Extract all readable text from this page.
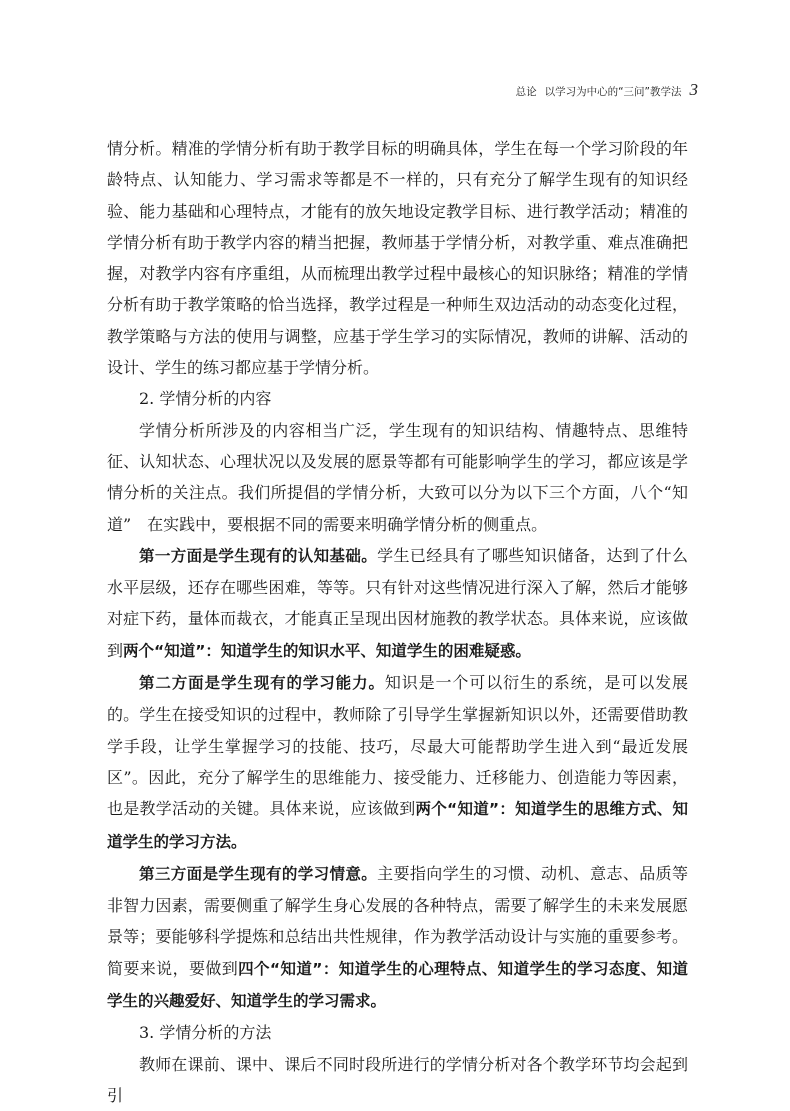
总论 以学习为中心的“三问”教学法 3

情分析。精准的学情分析有助于教学目标的明确具体，学生在每一个学习阶段的年龄特点、认知能力、学习需求等都是不一样的，只有充分了解学生现有的知识经验、能力基础和心理特点，才能有的放矢地设定教学目标、进行教学活动；精准的学情分析有助于教学内容的精当把握，教师基于学情分析，对教学重、难点准确把握，对教学内容有序重组，从而梳理出教学过程中最核心的知识脉络；精准的学情分析有助于教学策略的恰当选择，教学过程是一种师生双边活动的动态变化过程，教学策略与方法的使用与调整，应基于学生学习的实际情况，教师的讲解、活动的设计、学生的练习都应基于学情分析。

2. 学情分析的内容

学情分析所涉及的内容相当广泛，学生现有的知识结构、情趣特点、思维特征、认知状态、心理状况以及发展的愿景等都有可能影响学生的学习，都应该是学情分析的关注点。我们所提倡的学情分析，大致可以分为以下三个方面，八个“知道”　在实践中，要根据不同的需要来明确学情分析的侧重点。

第一方面是学生现有的认知基础。学生已经具有了哪些知识储备，达到了什么水平层级，还存在哪些困难，等等。只有针对这些情况进行深入了解，然后才能够对症下药，量体而裁衣，才能真正呈现出因材施教的教学状态。具体来说，应该做到两个“知道”：知道学生的知识水平、知道学生的困难疑惑。

第二方面是学生现有的学习能力。知识是一个可以衍生的系统，是可以发展的。学生在接受知识的过程中，教师除了引导学生掌握新知识以外，还需要借助教学手段，让学生掌握学习的技能、技巧，尽最大可能帮助学生进入到“最近发展区”。因此，充分了解学生的思维能力、接受能力、迁移能力、创造能力等因素，也是教学活动的关键。具体来说，应该做到两个“知道”：知道学生的思维方式、知道学生的学习方法。

第三方面是学生现有的学习情意。主要指向学生的习惯、动机、意志、品质等非智力因素，需要侧重了解学生身心发展的各种特点，需要了解学生的未来发展愿景等；要能够科学提炼和总结出共性规律，作为教学活动设计与实施的重要参考。简要来说，要做到四个“知道”：知道学生的心理特点、知道学生的学习态度、知道学生的兴趣爱好、知道学生的学习需求。

3. 学情分析的方法

教师在课前、课中、课后不同时段所进行的学情分析对各个教学环节均会起到引
